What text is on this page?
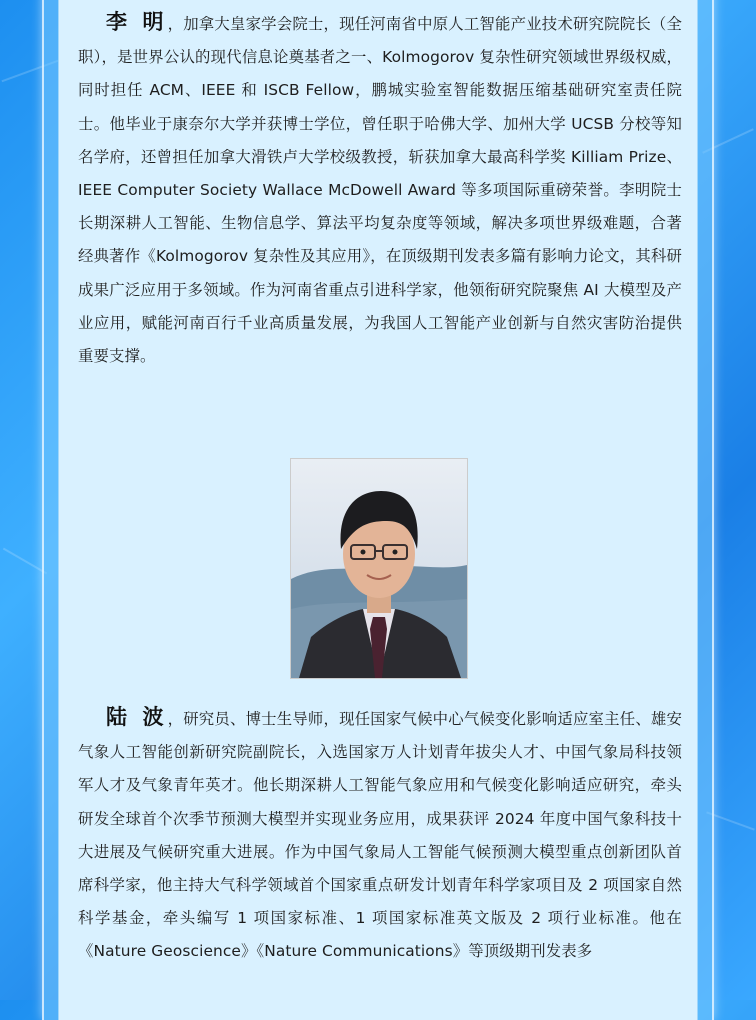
李 明，加拿大皇家学会院士，现任河南省中原人工智能产业技术研究院院长（全职），是世界公认的现代信息论奠基者之一、Kolmogorov 复杂性研究领域世界级权威，同时担任 ACM、IEEE 和 ISCB Fellow，鹏城实验室智能数据压缩基础研究室责任院士。他毕业于康奈尔大学并获博士学位，曾任职于哈佛大学、加州大学 UCSB 分校等知名学府，还曾担任加拿大滑铁卢大学校级教授，斩获加拿大最高科学奖 Killiam Prize、IEEE Computer Society Wallace McDowell Award 等多项国际重磅荣誉。李明院士长期深耕人工智能、生物信息学、算法平均复杂度等领域，解决多项世界级难题，合著经典著作《Kolmogorov 复杂性及其应用》，在顶级期刊发表多篇有影响力论文，其科研成果广泛应用于多领域。作为河南省重点引进科学家，他领衔研究院聚焦 AI 大模型及产业应用，赋能河南百行千业高质量发展，为我国人工智能产业创新与自然灾害防治提供重要支撑。

陆 波，研究员、博士生导师，现任国家气候中心气候变化影响适应室主任、雄安气象人工智能创新研究院副院长，入选国家万人计划青年拔尖人才、中国气象局科技领军人才及气象青年英才。他长期深耕人工智能气象应用和气候变化影响适应研究，牵头研发全球首个次季节预测大模型并实现业务应用，成果获评 2024 年度中国气象科技十大进展及气候研究重大进展。作为中国气象局人工智能气候预测大模型重点创新团队首席科学家，他主持大气科学领域首个国家重点研发计划青年科学家项目及 2 项国家自然科学基金，牵头编写 1 项国家标准、1 项国家标准英文版及 2 项行业标准。他在《Nature Geoscience》《Nature Communications》等顶级期刊发表多
